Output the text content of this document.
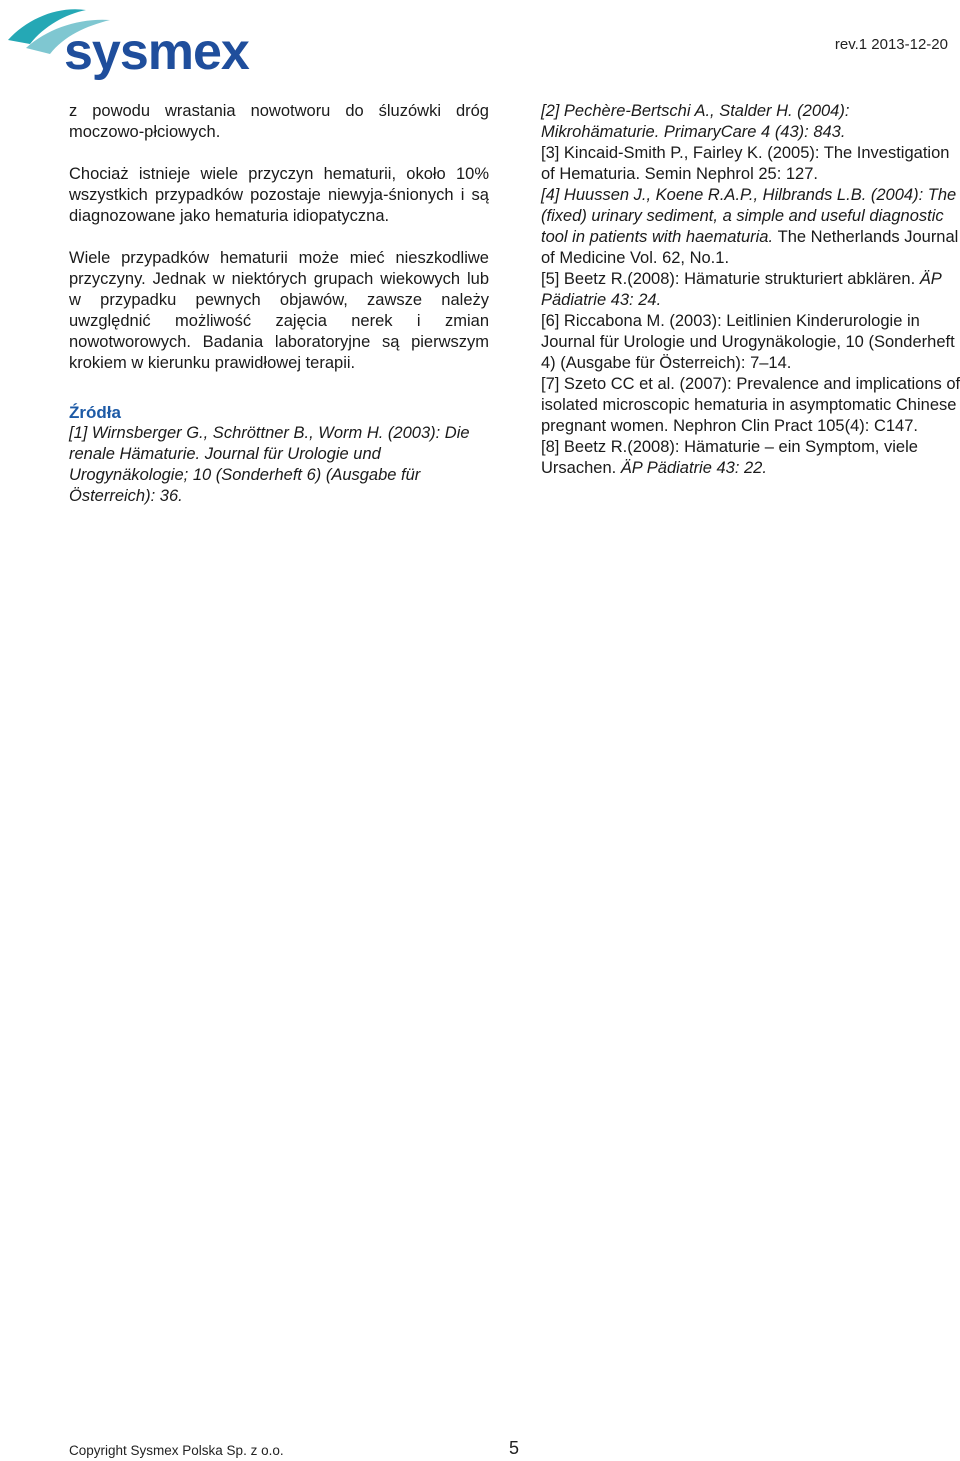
sysmex	rev.1 2013-12-20

z powodu wrastania nowotworu do śluzówki dróg moczowo-płciowych.

Chociaż istnieje wiele przyczyn hematurii, około 10% wszystkich przypadków pozostaje niewyja-śnionych i są diagnozowane jako hematuria idiopatyczna.

Wiele przypadków hematurii może mieć nieszkodliwe przyczyny. Jednak w niektórych grupach wiekowych lub w przypadku pewnych objawów, zawsze należy uwzględnić możliwość zajęcia nerek i zmian nowotworowych. Badania laboratoryjne są pierwszym krokiem w kierunku prawidłowej terapii.

Źródła

[1] Wirnsberger G., Schröttner B., Worm H. (2003): Die renale Hämaturie. Journal für Urologie und Urogynäkologie; 10 (Sonderheft 6) (Ausgabe für Österreich): 36.

[2] Pechère-Bertschi A., Stalder H. (2004): Mikrohämaturie. PrimaryCare 4 (43): 843.

[3] Kincaid-Smith P., Fairley K. (2005): The Investigation of Hematuria. Semin Nephrol 25: 127.

[4] Huussen J., Koene R.A.P., Hilbrands L.B. (2004): The (fixed) urinary sediment, a simple and useful diagnostic tool in patients with haematuria. The Netherlands Journal of Medicine Vol. 62, No.1.

[5] Beetz R.(2008): Hämaturie strukturiert abklären. ÄP Pädiatrie 43: 24.

[6] Riccabona M. (2003): Leitlinien Kinderurologie in Journal für Urologie und Urogynäkologie, 10 (Sonderheft 4) (Ausgabe für Österreich): 7–14.

[7] Szeto CC et al. (2007): Prevalence and implications of isolated microscopic hematuria in asymptomatic Chinese pregnant women. Nephron Clin Pract 105(4): C147.

[8] Beetz R.(2008): Hämaturie – ein Symptom, viele Ursachen. ÄP Pädiatrie 43: 22.

Copyright Sysmex Polska Sp. z o.o.	5
